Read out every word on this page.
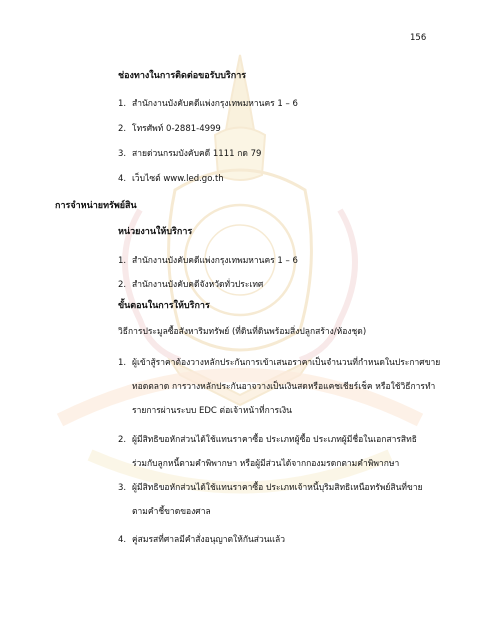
156
ช่องทางในการติดต่อขอรับบริการ
1. สำนักงานบังคับคดีแพ่งกรุงเทพมหานคร 1 – 6
2. โทรศัพท์ 0-2881-4999
3. สายด่วนกรมบังคับคดี 1111 กด 79
4. เว็บไซต์ www.led.go.th
การจำหน่ายทรัพย์สิน
หน่วยงานให้บริการ
1. สำนักงานบังคับคดีแพ่งกรุงเทพมหานคร 1 – 6
2. สำนักงานบังคับคดีจังหวัดทั่วประเทศ
ขั้นตอนในการให้บริการ
วิธีการประมูลซื้อสังหาริมทรัพย์ (ที่ดินที่ดินพร้อมสิ่งปลูกสร้าง/ห้องชุด)
1. ผู้เข้าสู้ราคาต้องวางหลักประกันการเข้าเสนอราคาเป็นจำนวนที่กำหนดในประกาศขาย
ทอดตลาด การวางหลักประกันอาจวางเป็นเงินสดหรือแคชเชียร์เช็ค หรือใช้วิธีการทำ
รายการผ่านระบบ EDC ต่อเจ้าหน้าที่การเงิน
2. ผู้มีสิทธิขอหักส่วนได้ใช้แทนราคาซื้อ ประเภทผู้ซื้อ ประเภทผู้มีชื่อในเอกสารสิทธิ
ร่วมกับลูกหนี้ตามคำพิพากษา หรือผู้มีส่วนได้จากกองมรดกตามคำพิพากษา
3. ผู้มีสิทธิขอหักส่วนได้ใช้แทนราคาซื้อ ประเภทเจ้าหนี้บุริมสิทธิเหนือทรัพย์สินที่ขาย
ตามคำชี้ขาดของศาล
4. คู่สมรสที่ศาลมีคำสั่งอนุญาตให้กันส่วนแล้ว
